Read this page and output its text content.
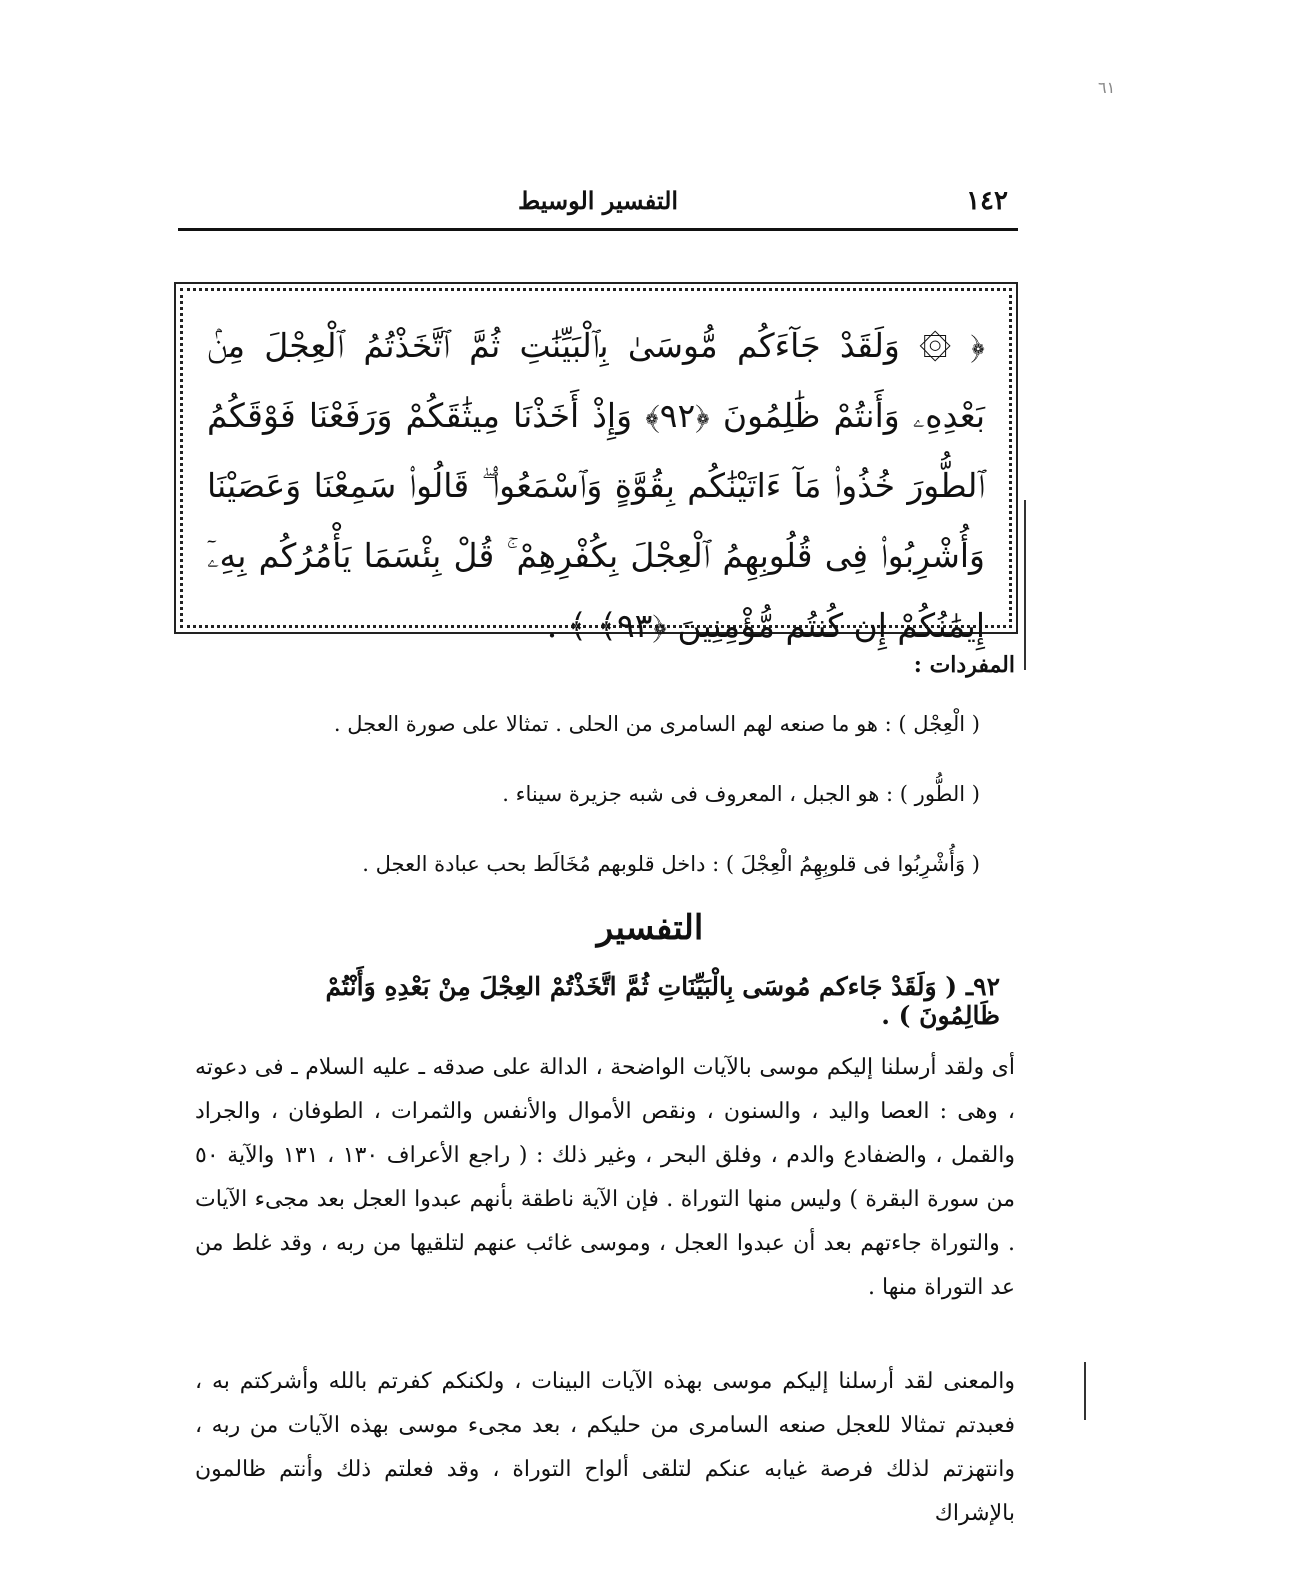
٦١
١٤٢
التفسير الوسيط
﴿ ۞ وَلَقَدْ جَآءَكُم مُّوسَىٰ بِٱلْبَيِّنَٰتِ ثُمَّ ٱتَّخَذْتُمُ ٱلْعِجْلَ مِنۢ بَعْدِهِۦ وَأَنتُمْ ظَٰلِمُونَ ﴿٩٢﴾ وَإِذْ أَخَذْنَا مِيثَٰقَكُمْ وَرَفَعْنَا فَوْقَكُمُ ٱلطُّورَ خُذُوا۟ مَآ ءَاتَيْنَٰكُم بِقُوَّةٍ وَٱسْمَعُوا۟ ۖ قَالُوا۟ سَمِعْنَا وَعَصَيْنَا وَأُشْرِبُوا۟ فِى قُلُوبِهِمُ ٱلْعِجْلَ بِكُفْرِهِمْ ۚ قُلْ بِئْسَمَا يَأْمُرُكُم بِهِۦٓ إِيمَٰنُكُمْ إِن كُنتُم مُّؤْمِنِينَ ﴿٩٣﴾ ﴾ .
المفردات :
( الْعِجْل ) : هو ما صنعه لهم السامرى من الحلى . تمثالا على صورة العجل .
( الطُّور ) : هو الجبل ، المعروف فى شبه جزيرة سيناء .
( وَأُشْرِبُوا فى قلوبِهِمُ الْعِجْلَ ) : داخل قلوبهم مُخَالَط بحب عبادة العجل .
التفسير
٩٢ـ ( وَلَقَدْ جَاءكم مُوسَى بِالْبَيِّنَاتِ ثُمَّ اتَّخَذْتُمْ العِجْلَ مِنْ بَعْدِهِ وَأَنْتُمْ ظَالِمُونَ ) .
أى ولقد أرسلنا إليكم موسى بالآيات الواضحة ، الدالة على صدقه ـ عليه السلام ـ فى دعوته ، وهى : العصا واليد ، والسنون ، ونقص الأموال والأنفس والثمرات ، الطوفان ، والجراد والقمل ، والضفادع والدم ، وفلق البحر ، وغير ذلك : ( راجع الأعراف ١٣٠ ، ١٣١ والآية ٥٠ من سورة البقرة ) وليس منها التوراة . فإن الآية ناطقة بأنهم عبدوا العجل بعد مجىء الآيات . والتوراة جاءتهم بعد أن عبدوا العجل ، وموسى غائب عنهم لتلقيها من ربه ، وقد غلط من عد التوراة منها .
والمعنى لقد أرسلنا إليكم موسى بهذه الآيات البينات ، ولكنكم كفرتم بالله وأشركتم به ، فعبدتم تمثالا للعجل صنعه السامرى من حليكم ، بعد مجىء موسى بهذه الآيات من ربه ، وانتهزتم لذلك فرصة غيابه عنكم لتلقى ألواح التوراة ، وقد فعلتم ذلك وأنتم ظالمون بالإشراك
